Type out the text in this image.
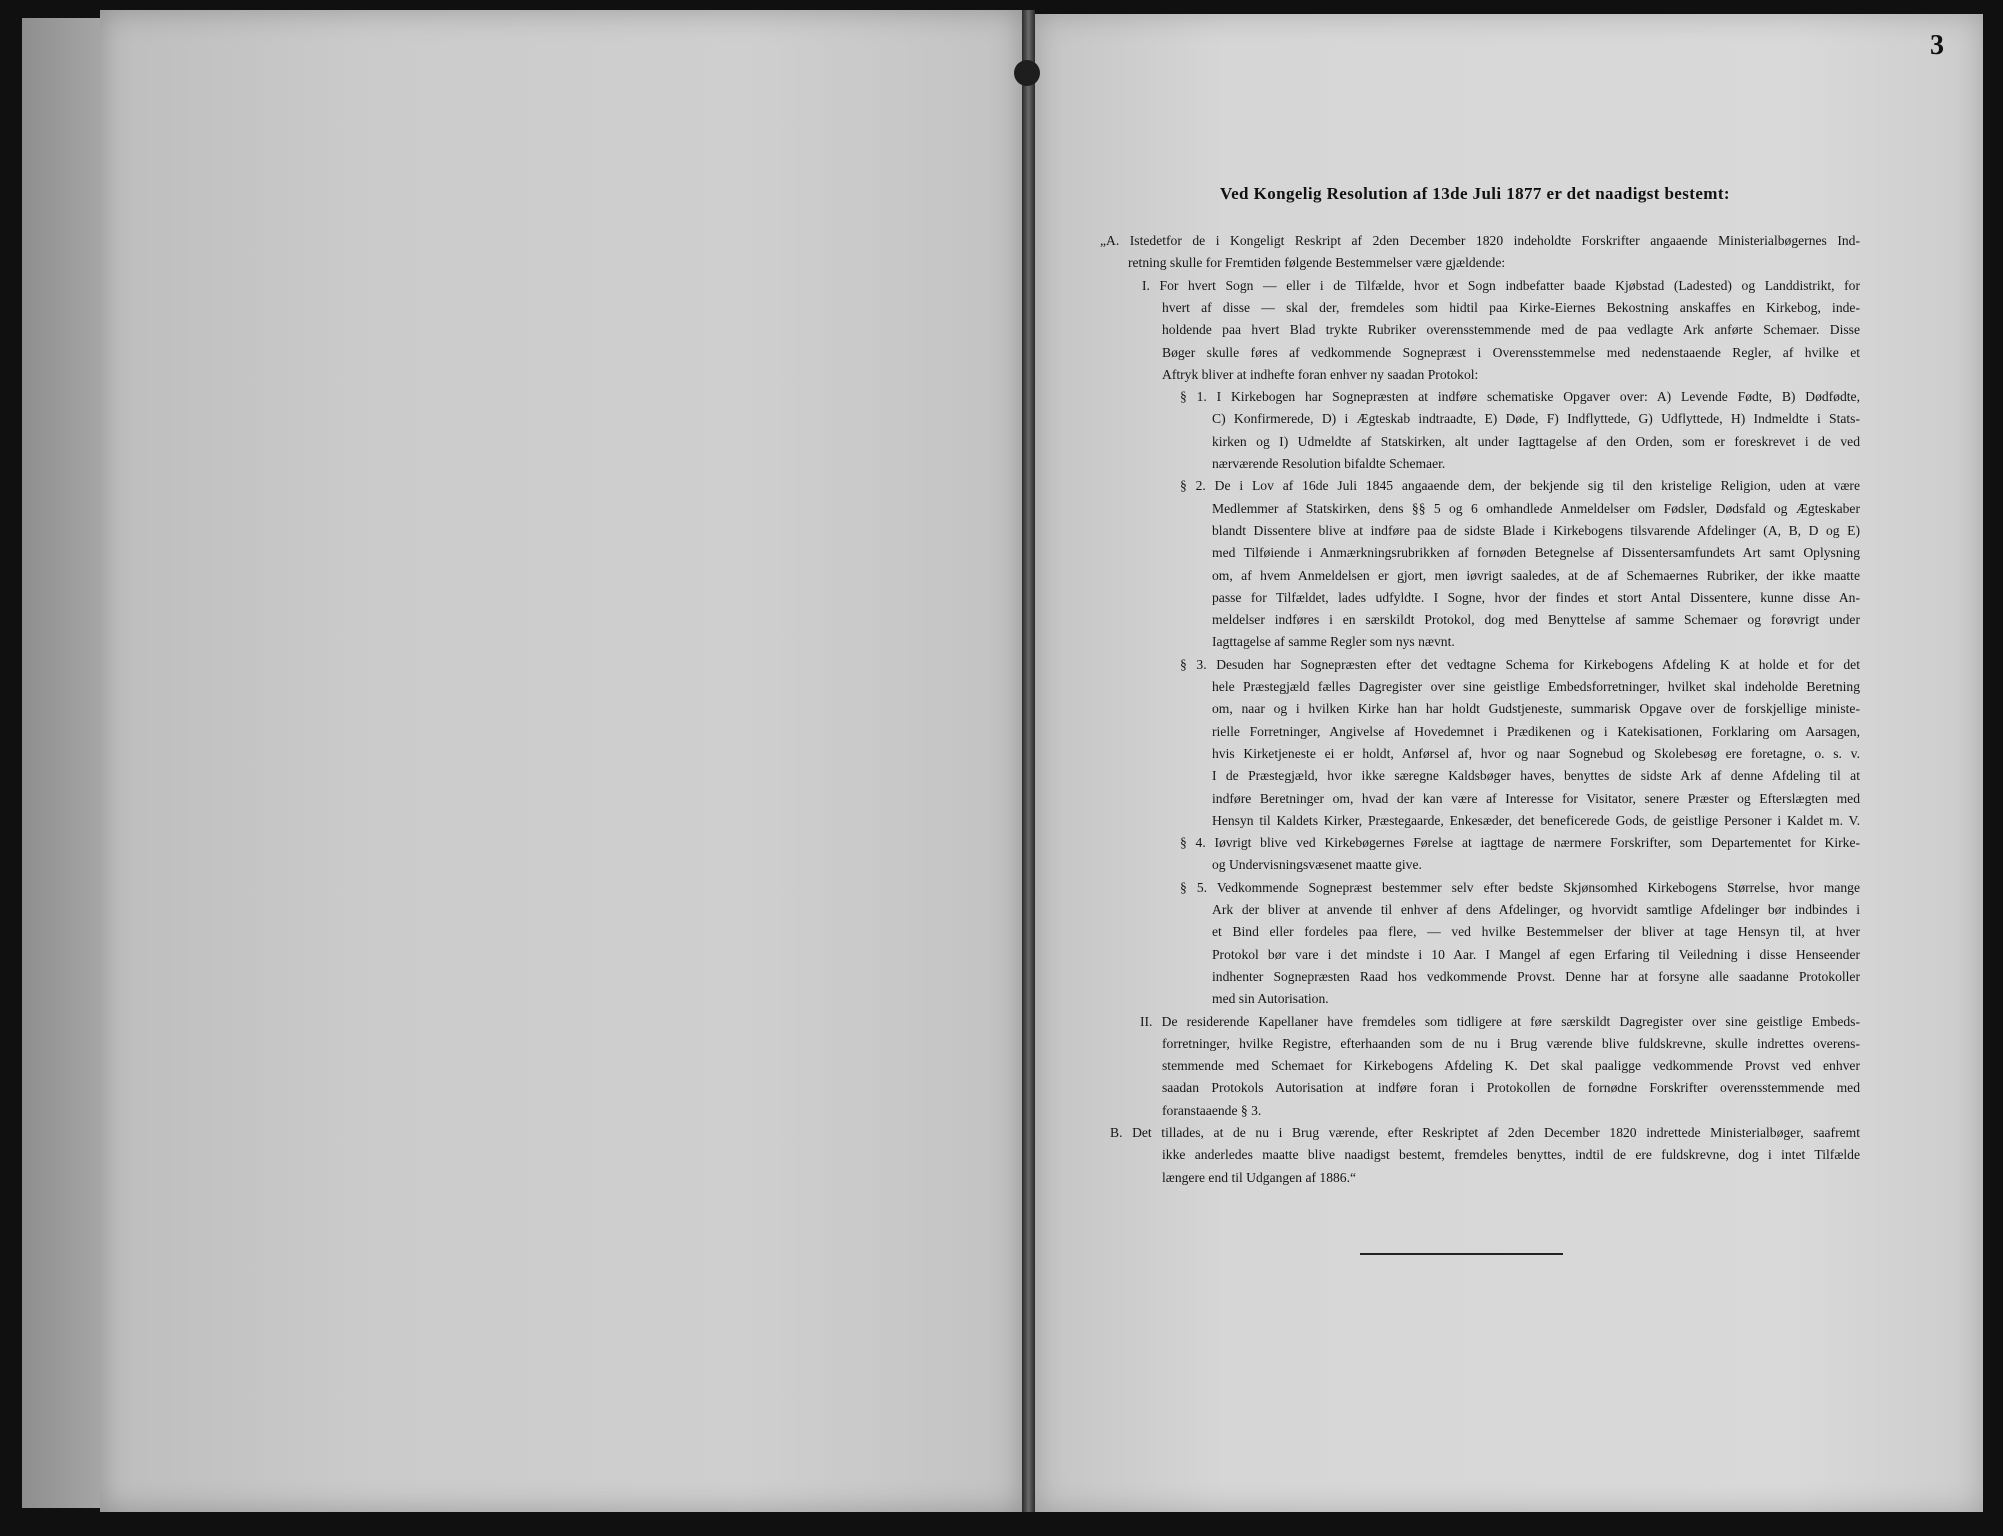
3
Ved Kongelig Resolution af 13de Juli 1877 er det naadigst bestemt:
„A. Istedetfor de i Kongeligt Reskript af 2den December 1820 indeholdte Forskrifter angaaende Ministerialbøgernes Ind-
retning skulle for Fremtiden følgende Bestemmelser være gjældende:
I. For hvert Sogn — eller i de Tilfælde, hvor et Sogn indbefatter baade Kjøbstad (Ladested) og Landdistrikt, for
hvert af disse — skal der, fremdeles som hidtil paa Kirke-Eiernes Bekostning anskaffes en Kirkebog, inde-
holdende paa hvert Blad trykte Rubriker overensstemmende med de paa vedlagte Ark anførte Schemaer. Disse
Bøger skulle føres af vedkommende Sognepræst i Overensstemmelse med nedenstaaende Regler, af hvilke et
Aftryk bliver at indhefte foran enhver ny saadan Protokol:
§ 1. I Kirkebogen har Sognepræsten at indføre schematiske Opgaver over: A) Levende Fødte, B) Dødfødte,
C) Konfirmerede, D) i Ægteskab indtraadte, E) Døde, F) Indflyttede, G) Udflyttede, H) Indmeldte i Stats-
kirken og I) Udmeldte af Statskirken, alt under Iagttagelse af den Orden, som er foreskrevet i de ved
nærværende Resolution bifaldte Schemaer.
§ 2. De i Lov af 16de Juli 1845 angaaende dem, der bekjende sig til den kristelige Religion, uden at være
Medlemmer af Statskirken, dens §§ 5 og 6 omhandlede Anmeldelser om Fødsler, Dødsfald og Ægteskaber
blandt Dissentere blive at indføre paa de sidste Blade i Kirkebogens tilsvarende Afdelinger (A, B, D og E)
med Tilføiende i Anmærkningsrubrikken af fornøden Betegnelse af Dissentersamfundets Art samt Oplysning
om, af hvem Anmeldelsen er gjort, men iøvrigt saaledes, at de af Schemaernes Rubriker, der ikke maatte
passe for Tilfældet, lades udfyldte. I Sogne, hvor der findes et stort Antal Dissentere, kunne disse An-
meldelser indføres i en særskildt Protokol, dog med Benyttelse af samme Schemaer og forøvrigt under
Iagttagelse af samme Regler som nys nævnt.
§ 3. Desuden har Sognepræsten efter det vedtagne Schema for Kirkebogens Afdeling K at holde et for det
hele Præstegjæld fælles Dagregister over sine geistlige Embedsforretninger, hvilket skal indeholde Beretning
om, naar og i hvilken Kirke han har holdt Gudstjeneste, summarisk Opgave over de forskjellige ministe-
rielle Forretninger, Angivelse af Hovedemnet i Prædikenen og i Katekisationen, Forklaring om Aarsagen,
hvis Kirketjeneste ei er holdt, Anførsel af, hvor og naar Sognebud og Skolebesøg ere foretagne, o. s. v.
I de Præstegjæld, hvor ikke særegne Kaldsbøger haves, benyttes de sidste Ark af denne Afdeling til at
indføre Beretninger om, hvad der kan være af Interesse for Visitator, senere Præster og Efterslægten med
Hensyn til Kaldets Kirker, Præstegaarde, Enkesæder, det beneficerede Gods, de geistlige Personer i Kaldet m. V.
§ 4. Iøvrigt blive ved Kirkebøgernes Førelse at iagttage de nærmere Forskrifter, som Departementet for Kirke-
og Undervisningsvæsenet maatte give.
§ 5. Vedkommende Sognepræst bestemmer selv efter bedste Skjønsomhed Kirkebogens Størrelse, hvor mange
Ark der bliver at anvende til enhver af dens Afdelinger, og hvorvidt samtlige Afdelinger bør indbindes i
et Bind eller fordeles paa flere, — ved hvilke Bestemmelser der bliver at tage Hensyn til, at hver
Protokol bør vare i det mindste i 10 Aar. I Mangel af egen Erfaring til Veiledning i disse Henseender
indhenter Sognepræsten Raad hos vedkommende Provst. Denne har at forsyne alle saadanne Protokoller
med sin Autorisation.
II. De residerende Kapellaner have fremdeles som tidligere at føre særskildt Dagregister over sine geistlige Embeds-
forretninger, hvilke Registre, efterhaanden som de nu i Brug værende blive fuldskrevne, skulle indrettes overens-
stemmende med Schemaet for Kirkebogens Afdeling K. Det skal paaligge vedkommende Provst ved enhver
saadan Protokols Autorisation at indføre foran i Protokollen de fornødne Forskrifter overensstemmende med
foranstaaende § 3.
B. Det tillades, at de nu i Brug værende, efter Reskriptet af 2den December 1820 indrettede Ministerialbøger, saafremt
ikke anderledes maatte blive naadigst bestemt, fremdeles benyttes, indtil de ere fuldskrevne, dog i intet Tilfælde
længere end til Udgangen af 1886.“
